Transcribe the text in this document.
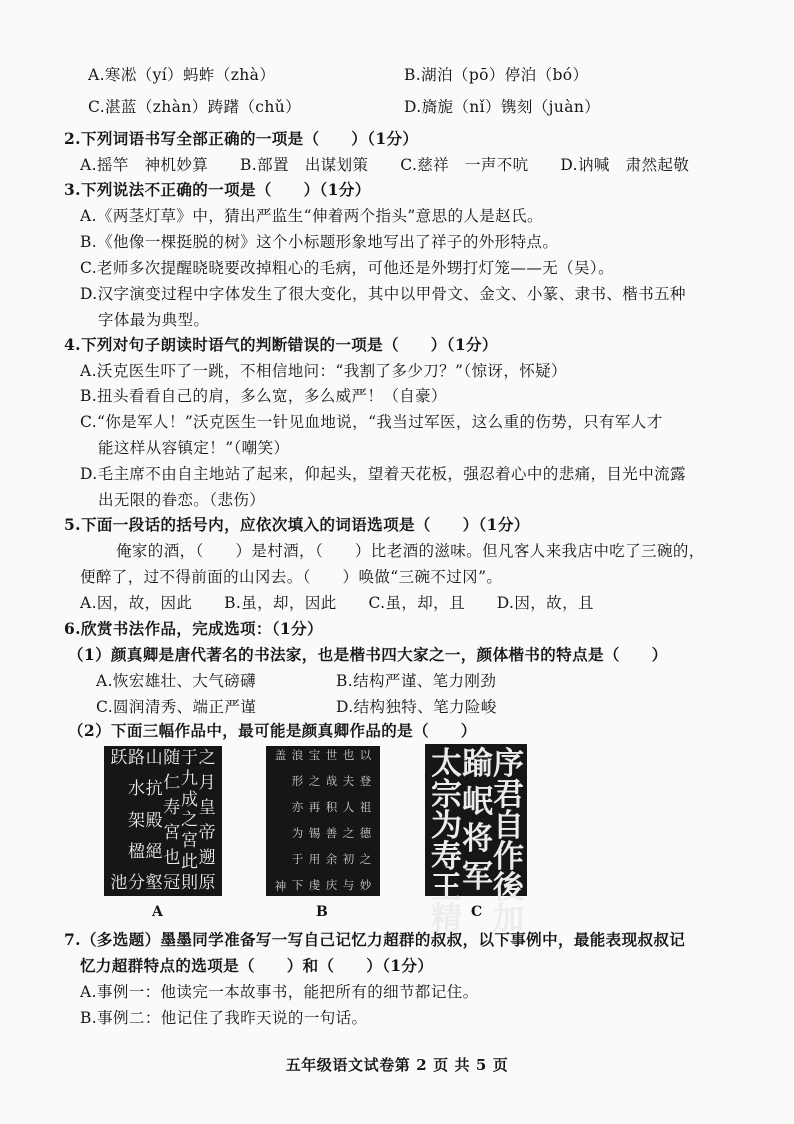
A.寒凇（yí）蚂蚱（zhà）	B.湖泊（pō）停泊（bó）
C.湛蓝（zhàn）踌躇（chǔ）	D.旖旎（nǐ）镌刻（juàn）
2.下列词语书写全部正确的一项是（　　）（1分）
A.摇竿　神机妙算　　B.部置　出谋划策　　C.慈祥　一声不吭　　D.讷喊　肃然起敬
3.下列说法不正确的一项是（　　）（1分）
A.《两茎灯草》中，猜出严监生“伸着两个指头”意思的人是赵氏。
B.《他像一棵挺脱的树》这个小标题形象地写出了祥子的外形特点。
C.老师多次提醒晓晓要改掉粗心的毛病，可他还是外甥打灯笼——无（吴）。
D.汉字演变过程中字体发生了很大变化，其中以甲骨文、金文、小篆、隶书、楷书五种
字体最为典型。
4.下列对句子朗读时语气的判断错误的一项是（　　）（1分）
A.沃克医生吓了一跳，不相信地问：“我割了多少刀？”（惊讶，怀疑）
B.扭头看看自己的肩，多么宽，多么威严！（自豪）
C.“你是军人！”沃克医生一针见血地说，“我当过军医，这么重的伤势，只有军人才
能这样从容镇定！”（嘲笑）
D.毛主席不由自主地站了起来，仰起头，望着天花板，强忍着心中的悲痛，目光中流露
出无限的眷恋。（悲伤）
5.下面一段话的括号内，应依次填入的词语选项是（　　）（1分）
俺家的酒，（　　）是村酒，（　　）比老酒的滋味。但凡客人来我店中吃了三碗的，
便醉了，过不得前面的山冈去。（　　）唤做“三碗不过冈”。
A.因，故，因此　　B.虽，却，因此　　C.虽，却，且　　D.因，故，且
6.欣赏书法作品，完成选项：（1分）
（1）颜真卿是唐代著名的书法家，也是楷书四大家之一，颜体楷书的特点是（　　）
A.恢宏雄壮、大气磅礴	B.结构严谨、笔力刚劲
C.圆润清秀、端正严谨	D.结构独特、笔力险峻
（2）下面三幅作品中，最可能是颜真卿作品的是（　　）
7.（多选题）墨墨同学准备写一写自己记忆力超群的叔叔，以下事例中，最能表现叔叔记
忆力超群特点的选项是（　　）和（　　）（1分）
A.事例一：他读完一本故事书，能把所有的细节都记住。
B.事例二：他记住了我昨天说的一句话。
之
月
皇
帝
遡
原
于
九
成
之
宮
此
則
随
仁
寿
宮
也
冠
山
抗
殿
絕
壑
路
水
架
楹
分
跃
池
以
登
祖
德
之
妙
也
夫
人
之
初
与
世
哉
积
善
余
庆
宝
之
再
锡
用
虔
浪
形
亦
为
于
下
盖
神
序
君
自
作
後
加
踰
岷
将
军
太
宗
为
寿
王
精
A	B	C
五年级语文试卷第 2 页 共 5 页
